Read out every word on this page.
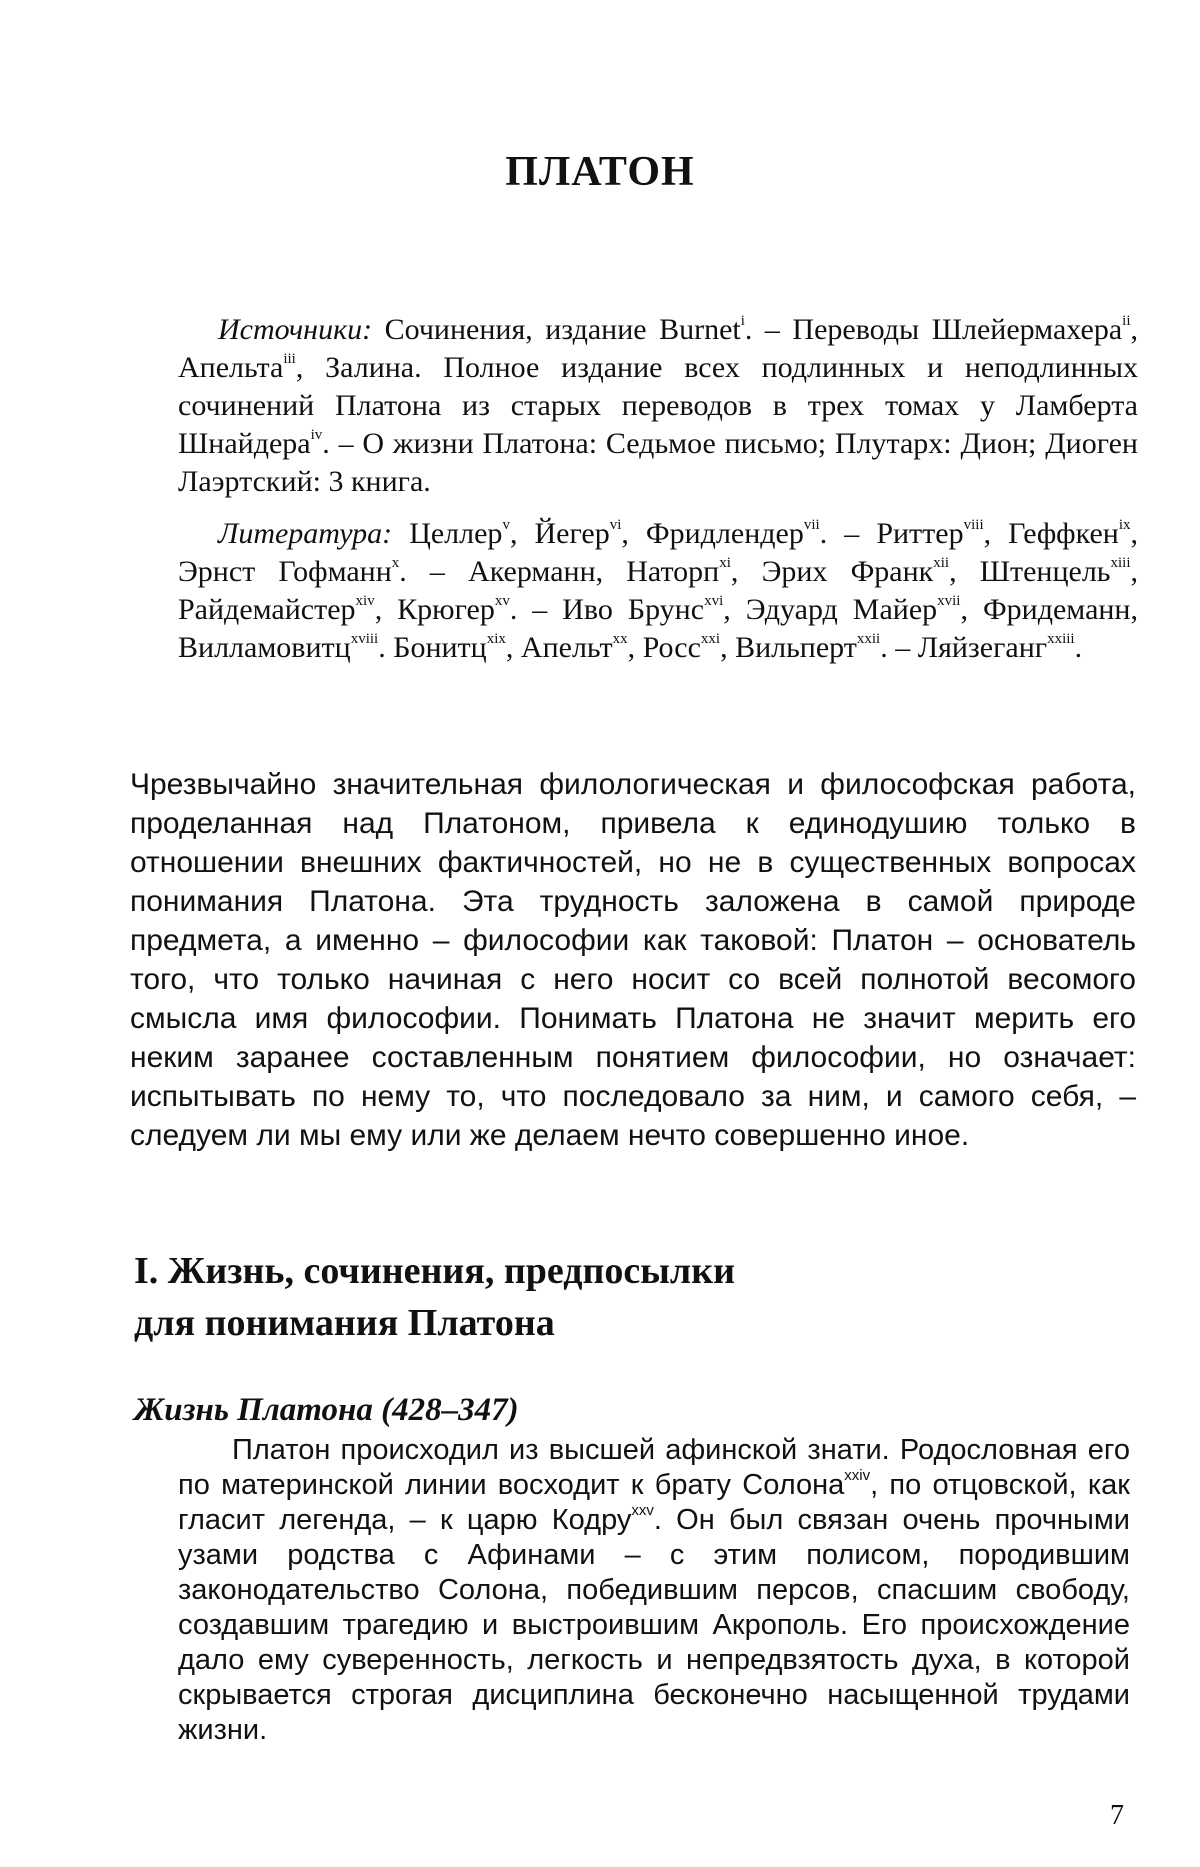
ПЛАТОН
Источники: Сочинения, издание Burnet$^i$. – Переводы Шлейермахера$^{ii}$, Апельта$^{iii}$, Залина. Полное издание всех подлинных и неподлинных сочинений Платона из старых переводов в трех томах у Ламберта Шнайдера$^{iv}$. – О жизни Платона: Седьмое письмо; Плутарх: Дион; Диоген Лаэртский: 3 книга.
Литература: Целлер$^v$, Йегер$^{vi}$, Фридлендер$^{vii}$. – Риттер$^{viii}$, Геффкен$^{ix}$, Эрнст Гофманн$^x$. – Акерманн, Наторп$^{xi}$, Эрих Франк$^{xii}$, Штенцель$^{xiii}$, Райдемайстер$^{xiv}$, Крюгер$^{xv}$. – Иво Брунс$^{xvi}$, Эдуард Майер$^{xvii}$, Фридеманн, Вилламовитц$^{xviii}$. Бонитц$^{xix}$, Апельт$^{xx}$, Росс$^{xxi}$, Вильперт$^{xxii}$. – Ляйзеганг$^{xxiii}$.
Чрезвычайно значительная филологическая и философская работа, проделанная над Платоном, привела к единодушию только в отношении внешних фактичностей, но не в существенных вопросах понимания Платона. Эта трудность заложена в самой природе предмета, а именно – философии как таковой: Платон – основатель того, что только начиная с него носит со всей полнотой весомого смысла имя философии. Понимать Платона не значит мерить его неким заранее составленным понятием философии, но означает: испытывать по нему то, что последовало за ним, и самого себя, – следуем ли мы ему или же делаем нечто совершенно иное.
I. Жизнь, сочинения, предпосылки
для понимания Платона
Жизнь Платона (428–347)
Платон происходил из высшей афинской знати. Родословная его по материнской линии восходит к брату Солона$^{xxiv}$, по отцовской, как гласит легенда, – к царю Кодру$^{xxv}$. Он был связан очень прочными узами родства с Афинами – с этим полисом, породившим законодательство Солона, победившим персов, спасшим свободу, создавшим трагедию и выстроившим Акрополь. Его происхождение дало ему суверенность, легкость и непредвзятость духа, в которой скрывается строгая дисциплина бесконечно насыщенной трудами жизни.
7
